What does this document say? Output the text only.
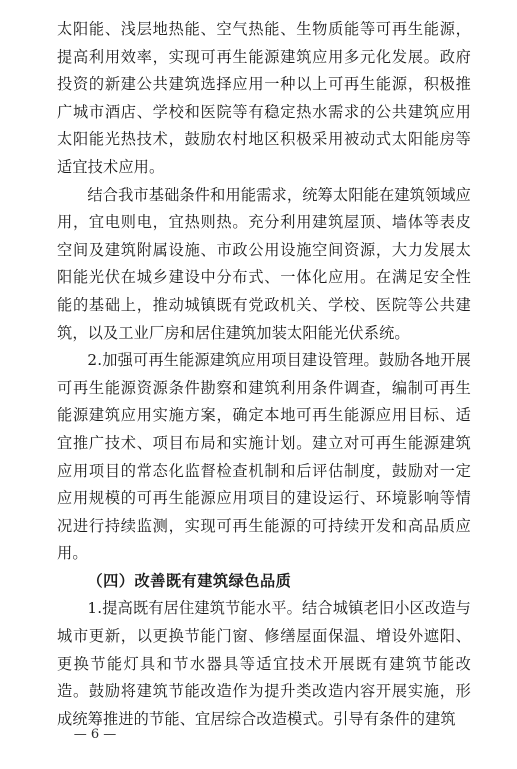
太阳能、浅层地热能、空气热能、生物质能等可再生能源，提高利用效率，实现可再生能源建筑应用多元化发展。政府投资的新建公共建筑选择应用一种以上可再生能源，积极推广城市酒店、学校和医院等有稳定热水需求的公共建筑应用太阳能光热技术，鼓励农村地区积极采用被动式太阳能房等适宜技术应用。

结合我市基础条件和用能需求，统筹太阳能在建筑领域应用，宜电则电，宜热则热。充分利用建筑屋顶、墙体等表皮空间及建筑附属设施、市政公用设施空间资源，大力发展太阳能光伏在城乡建设中分布式、一体化应用。在满足安全性能的基础上，推动城镇既有党政机关、学校、医院等公共建筑，以及工业厂房和居住建筑加装太阳能光伏系统。

2.加强可再生能源建筑应用项目建设管理。鼓励各地开展可再生能源资源条件勘察和建筑利用条件调查，编制可再生能源建筑应用实施方案，确定本地可再生能源应用目标、适宜推广技术、项目布局和实施计划。建立对可再生能源建筑应用项目的常态化监督检查机制和后评估制度，鼓励对一定应用规模的可再生能源应用项目的建设运行、环境影响等情况进行持续监测，实现可再生能源的可持续开发和高品质应用。

（四）改善既有建筑绿色品质

1.提高既有居住建筑节能水平。结合城镇老旧小区改造与城市更新，以更换节能门窗、修缮屋面保温、增设外遮阳、更换节能灯具和节水器具等适宜技术开展既有建筑节能改造。鼓励将建筑节能改造作为提升类改造内容开展实施，形成统筹推进的节能、宜居综合改造模式。引导有条件的建筑

— 6 —
